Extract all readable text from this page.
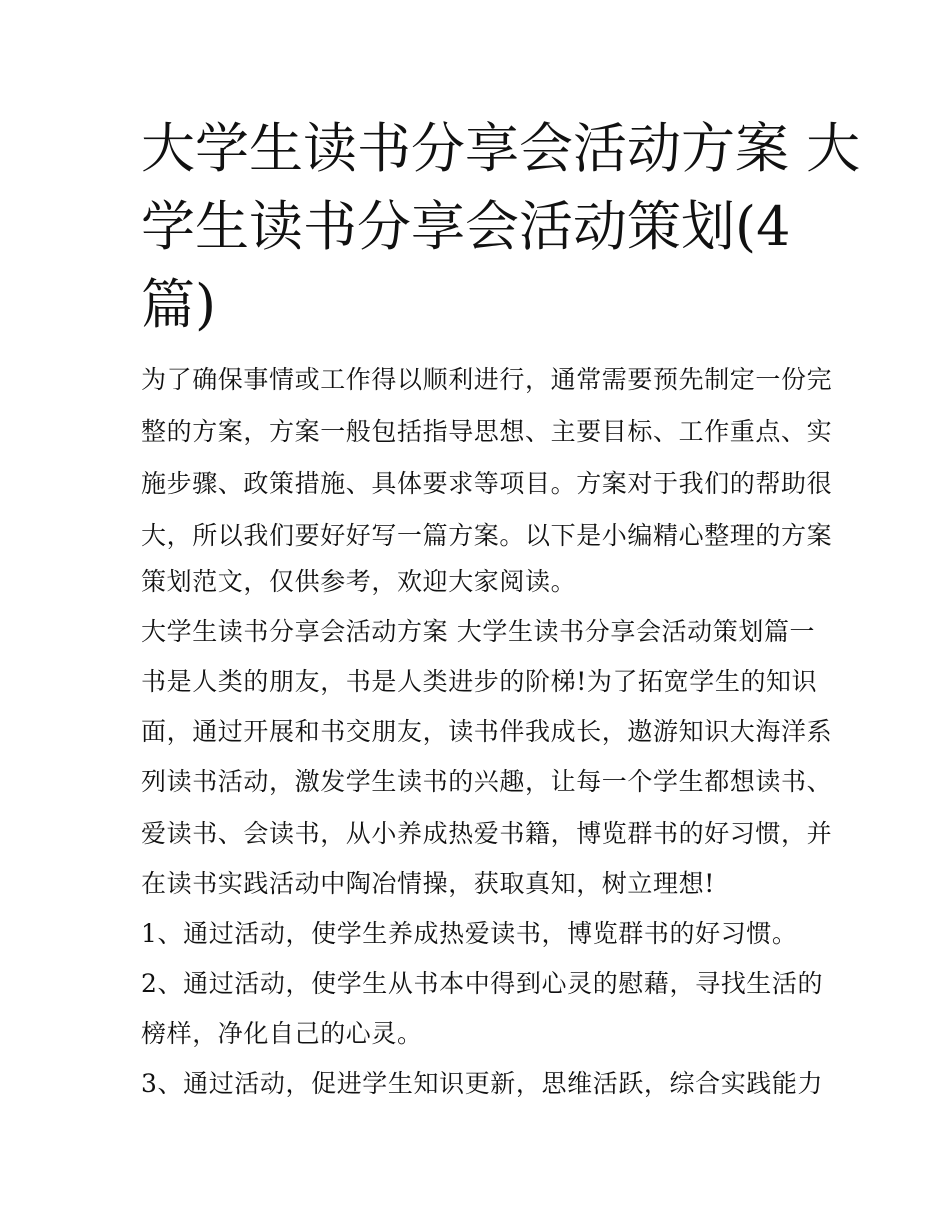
大学生读书分享会活动方案 大
学生读书分享会活动策划(4
篇)
为了确保事情或工作得以顺利进行，通常需要预先制定一份完
整的方案，方案一般包括指导思想、主要目标、工作重点、实
施步骤、政策措施、具体要求等项目。方案对于我们的帮助很
大，所以我们要好好写一篇方案。以下是小编精心整理的方案
策划范文，仅供参考，欢迎大家阅读。
大学生读书分享会活动方案 大学生读书分享会活动策划篇一
书是人类的朋友，书是人类进步的阶梯!为了拓宽学生的知识
面，通过开展和书交朋友，读书伴我成长，遨游知识大海洋系
列读书活动，激发学生读书的兴趣，让每一个学生都想读书、
爱读书、会读书，从小养成热爱书籍，博览群书的好习惯，并
在读书实践活动中陶冶情操，获取真知，树立理想!
1、通过活动，使学生养成热爱读书，博览群书的好习惯。
2、通过活动，使学生从书本中得到心灵的慰藉，寻找生活的
榜样，净化自己的心灵。
3、通过活动，促进学生知识更新，思维活跃，综合实践能力
